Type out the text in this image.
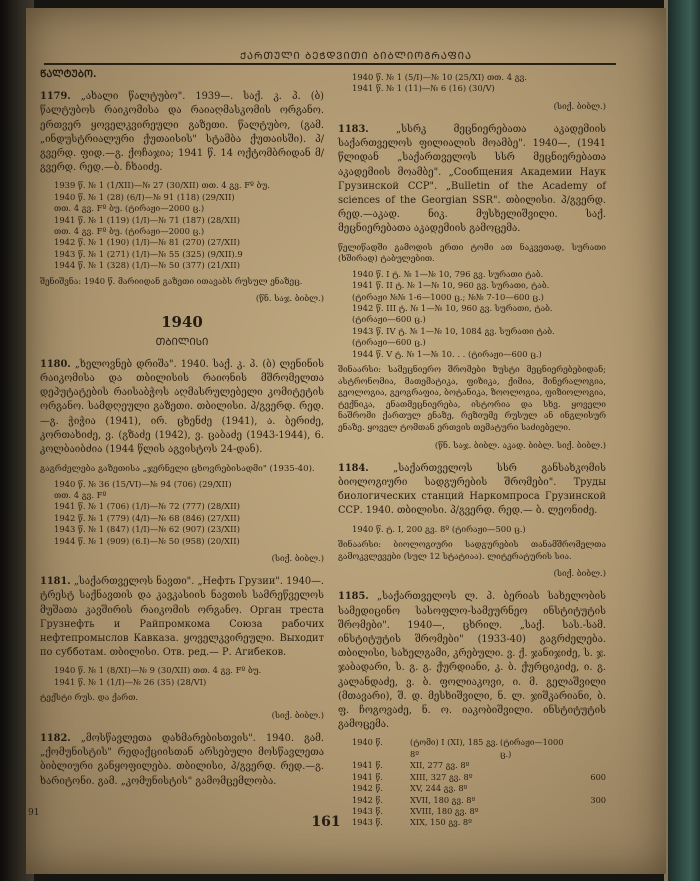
ᲥᲐᲠᲗᲣᲚᲘ ᲑᲔᲭᲓᲕᲘᲗᲘ ᲑᲘᲑᲚᲘᲝᲒᲠᲐᲤᲘᲐ
ᲬᲐᲚᲢᲣᲑᲝ.
1179. „ახალი წალტუბო". 1939—. საქ. კ. პ. (ბ) წალტუბოს რაიკომისა და რაიაღმასკომის ორგანო. ერთვერ ყოველკვირეული გაზეთი. წალტუბო, (გამ. „ინდუსტრიალური ქუთაისის" სტამბა ქუთაისში). პ/გვერდ. ფიდ.—გ. ქოჩაჯია; 1941 წ. 14 ოქტომბრიდან მ/გვერდ. რედ.—ბ. ჩხაიძე.
1939 წ. № 1 (1/XII)—№ 27 (30/XII) თთ. 4 გვ. Fº ბუ.
1940 წ. № 1 (28) (6/I)—№ 91 (118) (29/XII)
თთ. 4 გვ. Fº ბუ. (ტირაჟი—2000 ც.)
1941 წ. № 1 (119) (1/I)—№ 71 (187) (28/XII)
თთ. 4 გვ. Fº ბუ. (ტირაჟი—2000 ც.)
1942 წ. № 1 (190) (1/I)—№ 81 (270) (27/XII)
1943 წ. № 1 (271) (1/I)—№ 55 (325) (9/XII).9
1944 წ. № 1 (328) (1/I)—№ 50 (377) (21/XII)
შენიშვნა: 1940 წ. მარიიდან გაზეთი ითავაბს რუსულ ენაზეც.
(წნ. საჯ. ბიბლ.)
1940
ᲗᲑᲘᲚᲘᲡᲘ
1180. „ხელოვნებ დრიშა". 1940. საქ. კ. პ. (ბ) ლენინის რაიკომისა და თბილისის რაიონის მშრომელთა დეპუტატების რაისაბჭოს აღმასრულებელი კომიტეტის ორგანო. სამდღეული გაზეთი. თბილისი. პ/გვერდ. რედ.—გ. ჭიჭია (1941), ირ. ცხენძე (1941), ა. ბერიძე, კორთახიძე, ვ. (გზაძე (1942), ვ. ცაბაძე (1943-1944), 6. კოლბაიბძია (1944 წლის აგვისტოს 24-დან).
გაგრძელება გაზეთისა „ჯერნელი ცხოვრებისადმი" (1935-40).
1940 წ. № 36 (15/VI)—№ 94 (706) (29/XII)
თთ. 4 გვ. Fº
1941 წ. № 1 (706) (1/I)—№ 72 (777) (28/XII)
1942 წ. № 1 (779) (4/I)—№ 68 (846) (27/XII)
1943 წ. № 1 (847) (1/I)—№ 62 (907) (23/XII)
1944 წ. № 1 (909) (6.I)—№ 50 (958) (20/XII)
(სიქ. ბიბლ.)
1181. „საქართველოს ნავთი". „Нефть Грузии". 1940—. ტრესტ საქნავთის და კავკასიის ნავთის სამრეწველოს მუშათა კავშირის რაიკომის ორგანო. Орган треста Грузнефть и Райпромкома Союза рабочих нефтепромыслов Кавказа. ყოველკვირეული. Выходит по субботам. თბილისი. Отв. ред.— Р. Агибеков.
1940 წ. № 1 (8/XI)—№ 9 (30/XII) თთ. 4 გვ. Fº ბუ.
1941 წ. № 1 (1/I)—№ 26 (35) (28/VI)
ტექსტი რუს. და ქართ.
(სიქ. ბიბლ.)
1182. „მოსწავლეთა დახმარებისთვის". 1940. გამ. „ქომუნისტის" რედაქციისთან არსებული მოსწავლეთა ბიბლიური განყოფილება. თბილისი, პ/გვერდ. რედ.—გ. ხარიტონი. გამ. „კომუნისტის" გამომცემლობა.
1940 წ. № 1 (5/I)—№ 10 (25/XI) თთ. 4 გვ.
1941 წ. № 1 (11)—№ 6 (16) (30/V)
(სიქ. ბიბლ.)
1183.	„სსრკ მეცნიერებათა აკადემიის საქართველოს ფილიალის მოამბე". 1940—, (1941 წლიდან „საქართველოს სსრ მეცნიერებათა აკადემიის მოამბე". „Сообщения Академии Наук Грузинской ССР". „Bulletin of the Academy of sciences of the Georgian SSR". თბილისი. პ/გვერდ. რედ.—აკად. ნიკ. მუსხელიშვილი. საქ. მეცნიერებათა აკადემიის გამოცემა.
წელიწადში გამოდის ერთი ტომი ათ ნაკვეთად, სურათი (ხშირად) ტაბულებით.
1940 წ. I ტ. № 1—№ 10, 796 გვ. სურათი ტაბ.
1941 წ. II ტ. № 1—№ 10, 960 გვ. სურათი, ტაბ.
(ტირაჟი №№ 1-6—1000 ც.; №№ 7-10—600 ც.)
1942 წ. III ტ. № 1—№ 10, 960 გვ. სურათი, ტაბ.
(ტირაჟი—600 ც.)
1943 წ. IV ტ. № 1—№ 10, 1084 გვ. სურათი ტაბ.
(ტირაჟი—600 ც.)
1944 წ. V ტ. № 1—№ 10. . . (ტირაჟი—600 ც.)
შინაარსი: სამეცნიერო შრომები ზუსტი მეცნიერებებიდან; ასტრონომია, მათემატიკა, ფიზიკა, ქიმია, მინერალოგია, გეოლოგია, გეოგრაფია, ბოტანიკა, ზოოლოგია, ფიზიოლოგია, ტექნიკა, ენათმეცნიერება, ისტორია და სხვ. ყოველი ნაშრომი ქართულ ენაზე, რეზიუმე რუსულ ან ინგლისურ ენაზე. ყოველ ტომთან ერთვის თემატური საძიებელი.
(წნ. საჯ. ბიბლ. აკად. ბიბლ. სიქ. ბიბლ.)
1184. „საქართველოს სსრ განსახკომის ბიოლოგიური სადგურების შრომები". Труды биологических станций Наркомпроса Грузинской ССР. 1940. თბილისი. პ/გვერდ. რედ.— ბ. ლეონიძე.
1940 წ. ტ. I, 200 გვ. 8º (ტირაჟი—500 ც.)
შინაარსი: ბიოლოგიური სადგურების თანამშრომელთა გამოკვლევები (სულ 12 სტატიაა). ლიტერატურის სია.
(სიქ. ბიბლ.)
1185. „საქართველოს ლ. პ. ბერიას სახელობის სამედიცინო სასოფლო-სამეურნეო ინსტიტუტის შრომები". 1940—, ცხრილ. „საქ. სას.-სამ. ინსტიტუტის შრომები" (1933-40) გაგრძელება. თბილისი, სახელგამი, კრებული. ვ. ქ. ჯანიჯიძე, ს. ჯ. ჯაბადარი, ს. გ. გ. ქურდიანი, კ. ბ. ქურციკიძე, ი. გ. კალანდაძე, ვ. ბ. ფოლიაკოვი, ი. მ. გელაშვილი (მთავარი), შ. დ. მესხიშვილი, ნ. ლ. ჯიშკარიანი, ბ. ფ. ჩოგოვაძე, ნ. ო. იაკობიშვილი. ინსტიტუტის გამოცემა.
1940 წ.	(ტომი) I (XI), 185 გვ. 8º
(ტირაჟი—1000 ც.)
1941 წ.	XII, 277 გვ. 8º
1941 წ.	XIII, 327 გვ. 8º	600
1942 წ.	XV, 244 გვ. 8º
1942 წ.	XVII, 180 გვ. 8º	300
1943 წ.	XVIII, 180 გვ. 8º
1943 წ.	XIX, 150 გვ. 8º
91
161
